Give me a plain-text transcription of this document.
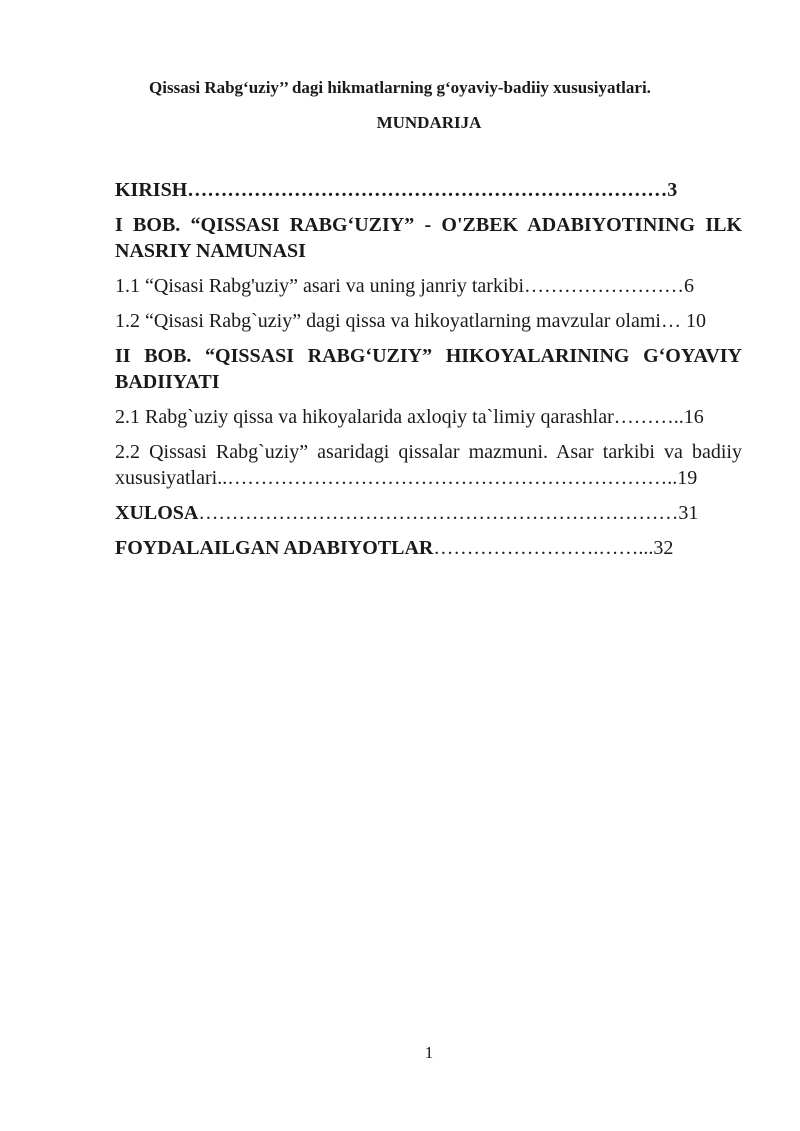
Qissasi Rabg‘uziy’’ dagi hikmatlarning g‘oyaviy-badiiy xususiyatlari.
MUNDARIJA
KIRISH………………………………………………………………3
I BOB. “QISSASI RABG‘UZIY” - O'ZBEK ADABIYOTINING ILK NASRIY NAMUNASI
1.1 “Qisasi Rabg'uziy” asari va uning janriy tarkibi……………………6
1.2 “Qisasi Rabg`uziy” dagi qissa va hikoyatlarning mavzular olami… 10
II BOB. “QISSASI RABG‘UZIY” HIKOYALARINING G‘OYAVIY BADIIYATI
2.1 Rabg`uziy qissa va hikoyalarida axloqiy ta`limiy qarashlar………..16
2.2 Qissasi Rabg`uziy” asaridagi qissalar mazmuni. Asar tarkibi va badiiy xususiyatlari..…………………………………………………………..19
XULOSA………………………………………………………………31
FOYDALAILGAN ADABIYOTLAR…………………….……...32
1
